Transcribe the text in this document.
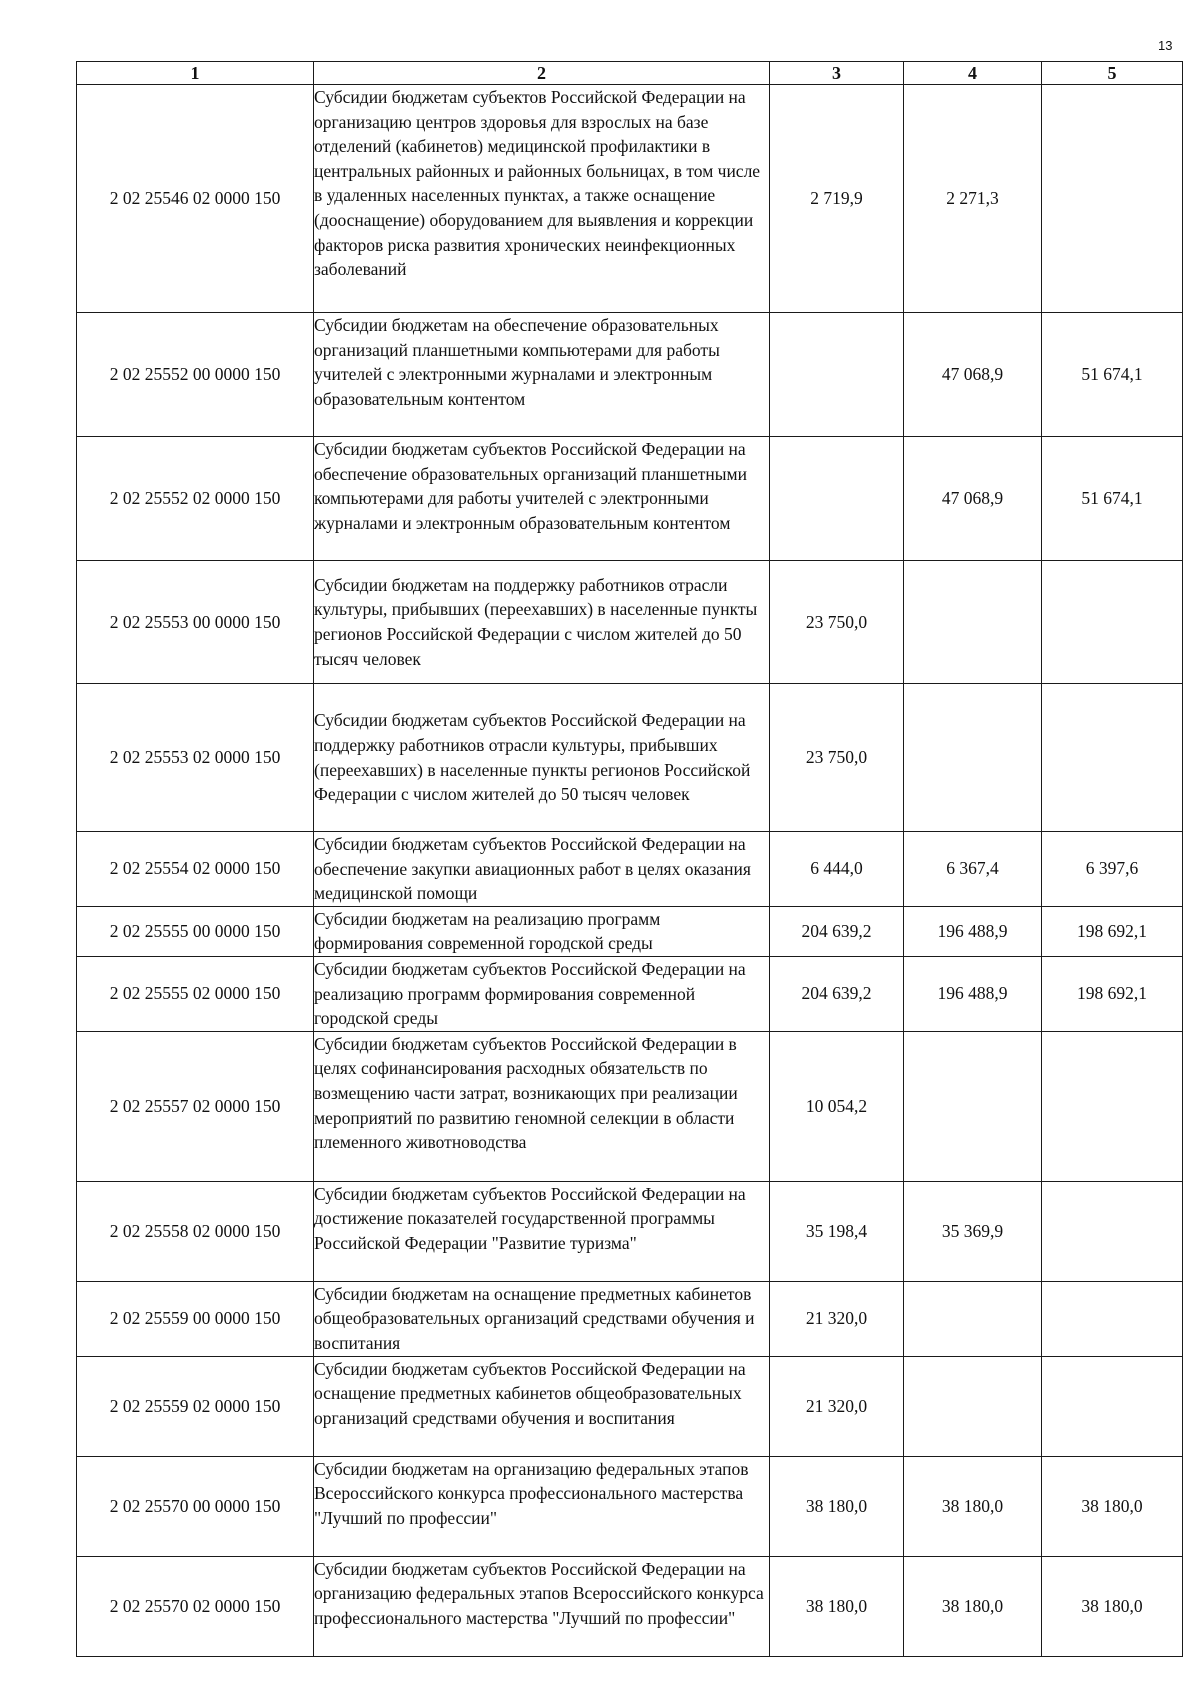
13
1	2	3	4	5
2 02 25546 02 0000 150	Субсидии бюджетам субъектов Российской Федерации на организацию центров здоровья для взрослых на базе отделений (кабинетов) медицинской профилактики в центральных районных и районных больницах, в том числе в удаленных населенных пунктах, а также оснащение (дооснащение) оборудованием для выявления и коррекции факторов риска развития хронических неинфекционных заболеваний	2 719,9	2 271,3	
2 02 25552 00 0000 150	Субсидии бюджетам на обеспечение образовательных организаций планшетными компьютерами для работы учителей с электронными журналами и электронным образовательным контентом		47 068,9	51 674,1
2 02 25552 02 0000 150	Субсидии бюджетам субъектов Российской Федерации на обеспечение образовательных организаций планшетными компьютерами для работы учителей с электронными журналами и электронным образовательным контентом		47 068,9	51 674,1
2 02 25553 00 0000 150	Субсидии бюджетам на поддержку работников отрасли культуры, прибывших (переехавших) в населенные пункты регионов Российской Федерации с числом жителей до 50 тысяч человек	23 750,0		
2 02 25553 02 0000 150	Субсидии бюджетам субъектов Российской Федерации на поддержку работников отрасли культуры, прибывших (переехавших) в населенные пункты регионов Российской Федерации с числом жителей до 50 тысяч человек	23 750,0		
2 02 25554 02 0000 150	Субсидии бюджетам субъектов Российской Федерации на обеспечение закупки авиационных работ в целях оказания медицинской помощи	6 444,0	6 367,4	6 397,6
2 02 25555 00 0000 150	Субсидии бюджетам на реализацию программ формирования современной городской среды	204 639,2	196 488,9	198 692,1
2 02 25555 02 0000 150	Субсидии бюджетам субъектов Российской Федерации на реализацию программ формирования современной городской среды	204 639,2	196 488,9	198 692,1
2 02 25557 02 0000 150	Субсидии бюджетам субъектов Российской Федерации в целях софинансирования расходных обязательств по возмещению части затрат, возникающих при реализации мероприятий по развитию геномной селекции в области племенного животноводства	10 054,2		
2 02 25558 02 0000 150	Субсидии бюджетам субъектов Российской Федерации на достижение показателей государственной программы Российской Федерации "Развитие туризма"	35 198,4	35 369,9	
2 02 25559 00 0000 150	Субсидии бюджетам на оснащение предметных кабинетов общеобразовательных организаций средствами обучения и воспитания	21 320,0		
2 02 25559 02 0000 150	Субсидии бюджетам субъектов Российской Федерации на оснащение предметных кабинетов общеобразовательных организаций средствами обучения и воспитания	21 320,0		
2 02 25570 00 0000 150	Субсидии бюджетам на организацию федеральных этапов Всероссийского конкурса профессионального мастерства "Лучший по профессии"	38 180,0	38 180,0	38 180,0
2 02 25570 02 0000 150	Субсидии бюджетам субъектов Российской Федерации на организацию федеральных этапов Всероссийского конкурса профессионального мастерства "Лучший по профессии"	38 180,0	38 180,0	38 180,0
